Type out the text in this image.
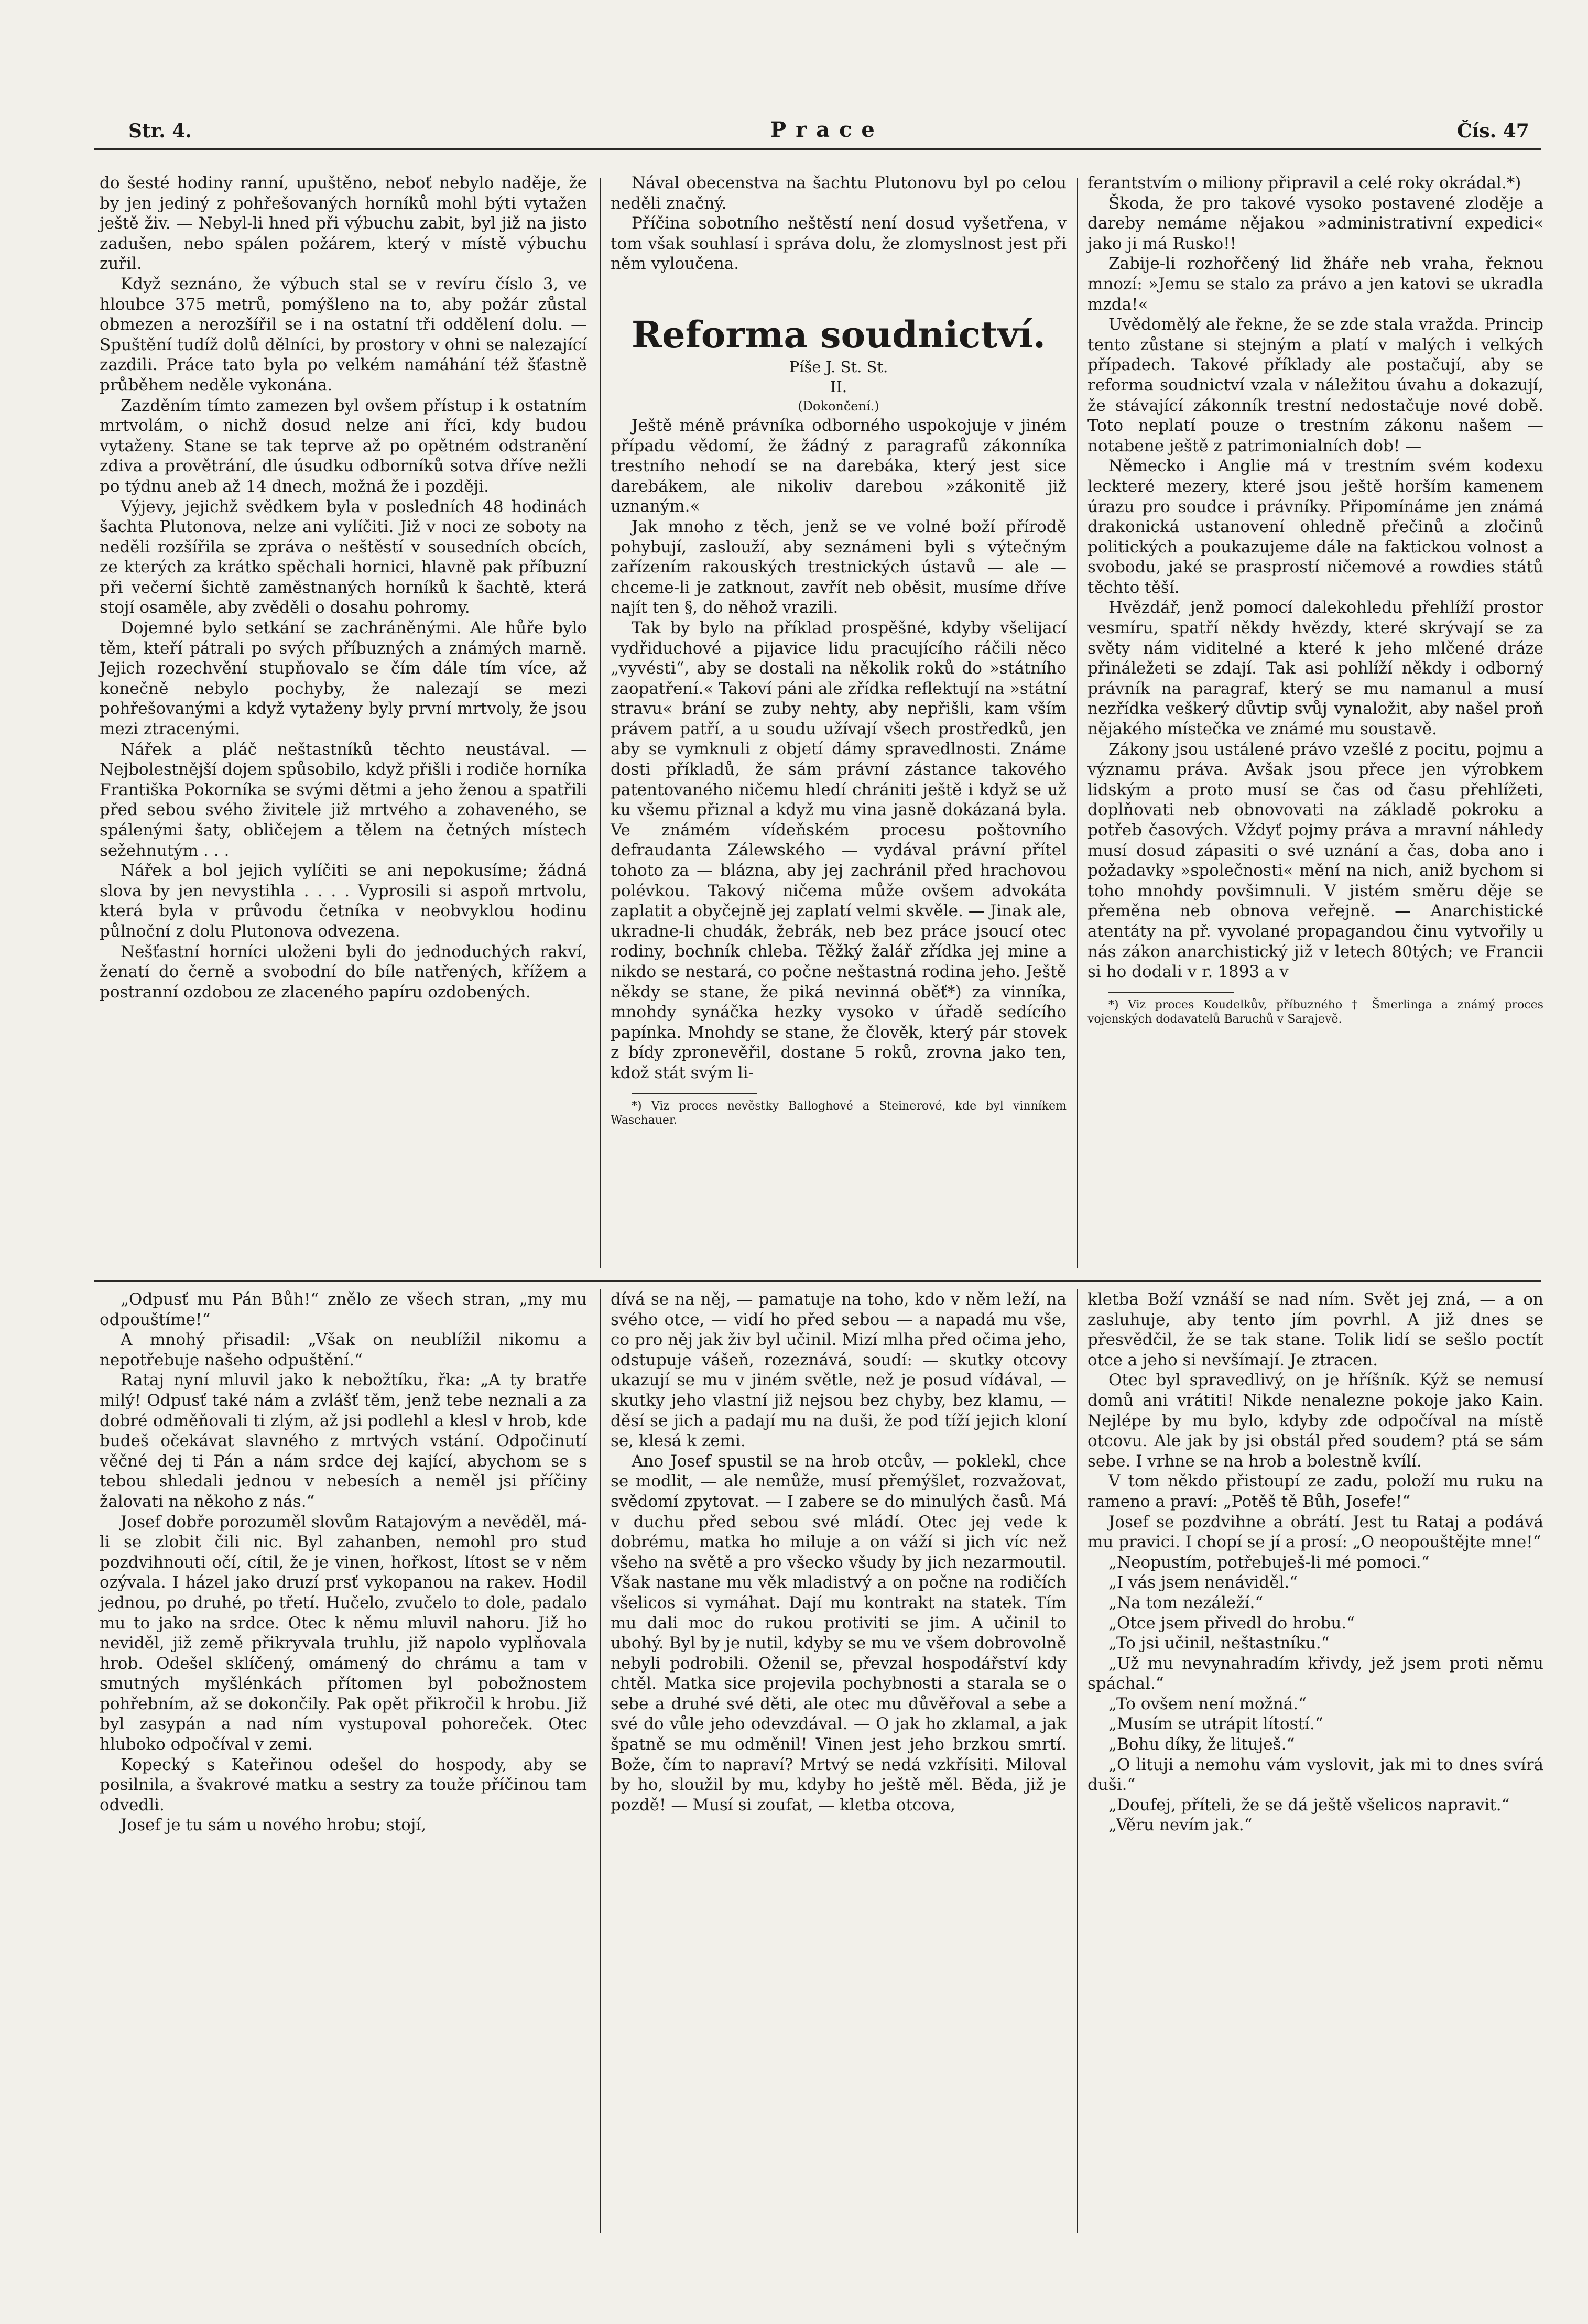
Str. 4.	Prace	Čís. 47

do šesté hodiny ranní, upuštěno, neboť nebylo naděje, že by jen jediný z pohřešovaných horníků mohl býti vytažen ještě živ. — Nebyl-li hned při výbuchu zabit, byl již na jisto zadušen, nebo spálen požárem, který v místě výbuchu zuřil.

Když seznáno, že výbuch stal se v revíru číslo 3, ve hloubce 375 metrů, pomýšleno na to, aby požár zůstal obmezen a nerozšířil se i na ostatní tři oddělení dolu. — Spuštění tudíž dolů dělníci, by prostory v ohni se nalezající zazdili. Práce tato byla po velkém namáhání též šťastně průběhem neděle vykonána.

Zazděním tímto zamezen byl ovšem přístup i k ostatním mrtvolám, o nichž dosud nelze ani říci, kdy budou vytaženy. Stane se tak teprve až po opětném odstranění zdiva a provětrání, dle úsudku odborníků sotva dříve nežli po týdnu aneb až 14 dnech, možná že i později.

Výjevy, jejichž svědkem byla v posledních 48 hodinách šachta Plutonova, nelze ani vylíčiti. Již v noci ze soboty na neděli rozšířila se zpráva o neštěstí v sousedních obcích, ze kterých za krátko spěchali hornici, hlavně pak příbuzní při večerní šichtě zaměstnaných horníků k šachtě, která stojí osaměle, aby zvěděli o dosahu pohromy.

Dojemné bylo setkání se zachráněnými. Ale hůře bylo těm, kteří pátrali po svých příbuzných a známých marně. Jejich rozechvění stupňovalo se čím dále tím více, až konečně nebylo pochyby, že nalezají se mezi pohřešovanými a když vytaženy byly první mrtvoly, že jsou mezi ztracenými.

Nářek a pláč neštastníků těchto neustával. — Nejbolestnější dojem spůsobilo, když přišli i rodiče horníka Františka Pokorníka se svými dětmi a jeho ženou a spatřili před sebou svého živitele již mrtvého a zohaveného, se spálenými šaty, obličejem a tělem na četných místech sežehnutým . . .

Nářek a bol jejich vylíčiti se ani nepokusíme; žádná slova by jen nevystihla . . . . Vyprosili si aspoň mrtvolu, která byla v průvodu četníka v neobvyklou hodinu půlnoční z dolu Plutonova odvezena.

Nešťastní horníci uloženi byli do jednoduchých rakví, ženatí do černě a svobodní do bíle natřených, křížem a postranní ozdobou ze zlaceného papíru ozdobených.

Nával obecenstva na šachtu Plutonovu byl po celou neděli značný.

Příčina sobotního neštěstí není dosud vyšetřena, v tom však souhlasí i správa dolu, že zlomyslnost jest při něm vyloučena.

Reforma soudnictví.
Píše J. St. St.
II.
(Dokončení.)

Ještě méně právníka odborného uspokojuje v jiném případu vědomí, že žádný z paragrafů zákonníka trestního nehodí se na darebáka, který jest sice darebákem, ale nikoliv darebou »zákonitě již uznaným.«

Jak mnoho z těch, jenž se ve volné boží přírodě pohybují, zaslouží, aby seznámeni byli s výtečným zařízením rakouských trestnických ústavů — ale — chceme-li je zatknout, zavřít neb oběsit, musíme dříve najít ten §, do něhož vrazili.

Tak by bylo na příklad prospěšné, kdyby všelijací vydřiduchové a pijavice lidu pracujícího ráčili něco „vyvésti“, aby se dostali na několik roků do »státního zaopatření.« Takoví páni ale zřídka reflektují na »státní stravu« brání se zuby nehty, aby nepřišli, kam vším právem patří, a u soudu užívají všech prostředků, jen aby se vymknuli z objetí dámy spravedlnosti. Známe dosti příkladů, že sám právní zástance takového patentovaného ničemu hledí chrániti ještě i když se už ku všemu přiznal a když mu vina jasně dokázaná byla. Ve známém vídeňském procesu poštovního defraudanta Zálewského — vydával právní přítel tohoto za — blázna, aby jej zachránil před hrachovou polévkou. Takový ničema může ovšem advokáta zaplatit a obyčejně jej zaplatí velmi skvěle. — Jinak ale, ukradne-li chudák, žebrák, neb bez práce jsoucí otec rodiny, bochník chleba. Těžký žalář zřídka jej mine a nikdo se nestará, co počne neštastná rodina jeho. Ještě někdy se stane, že piká nevinná oběť*) za vinníka, mnohdy synáčka hezky vysoko v úřadě sedícího papínka. Mnohdy se stane, že člověk, který pár stovek z bídy zpronevěřil, dostane 5 roků, zrovna jako ten, kdož stát svým li-

*) Viz proces nevěstky Balloghové a Steinerové, kde byl vinníkem Waschauer.

ferantstvím o miliony připravil a celé roky okrádal.*)

Škoda, že pro takové vysoko postavené zloděje a dareby nemáme nějakou »administrativní expedici« jako ji má Rusko!!

Zabije-li rozhořčený lid žháře neb vraha, řeknou mnozí: »Jemu se stalo za právo a jen katovi se ukradla mzda!«

Uvědomělý ale řekne, že se zde stala vražda. Princip tento zůstane si stejným a platí v malých i velkých případech. Takové příklady ale postačují, aby se reforma soudnictví vzala v náležitou úvahu a dokazují, že stávající zákonník trestní nedostačuje nové době. Toto neplatí pouze o trestním zákonu našem — notabene ještě z patrimonialních dob! —

Německo i Anglie má v trestním svém kodexu leckteré mezery, které jsou ještě horším kamenem úrazu pro soudce i právníky. Připomínáme jen známá drakonická ustanovení ohledně přečinů a zločinů politických a poukazujeme dále na faktickou volnost a svobodu, jaké se prasprostí ničemové a rowdies států těchto těší.

Hvězdář, jenž pomocí dalekohledu přehlíží prostor vesmíru, spatří někdy hvězdy, které skrývají se za světy nám viditelné a které k jeho mlčené dráze přináležeti se zdají. Tak asi pohlíží někdy i odborný právník na paragraf, který se mu namanul a musí nezřídka veškerý důvtip svůj vynaložit, aby našel proň nějakého místečka ve známé mu soustavě.

Zákony jsou ustálené právo vzešlé z pocitu, pojmu a významu práva. Avšak jsou přece jen výrobkem lidským a proto musí se čas od času přehlížeti, doplňovati neb obnovovati na základě pokroku a potřeb časových. Vždyť pojmy práva a mravní náhledy musí dosud zápasiti o své uznání a čas, doba ano i požadavky »společnosti« mění na nich, aniž bychom si toho mnohdy povšimnuli. V jistém směru děje se přeměna neb obnova veřejně. — Anarchistické atentáty na př. vyvolané propagandou činu vytvořily u nás zákon anarchistický již v letech 80tých; ve Francii si ho dodali v r. 1893 a v

*) Viz proces Koudelkův, příbuzného † Šmerlinga a známý proces vojenských dodavatelů Baruchů v Sarajevě.

„Odpusť mu Pán Bůh!“ znělo ze všech stran, „my mu odpouštíme!“

A mnohý přisadil: „Však on neublížil nikomu a nepotřebuje našeho odpuštění.“

Rataj nyní mluvil jako k nebožtíku, řka: „A ty bratře milý! Odpusť také nám a zvlášť těm, jenž tebe neznali a za dobré odměňovali ti zlým, až jsi podlehl a klesl v hrob, kde budeš očekávat slavného z mrtvých vstání. Odpočinutí věčné dej ti Pán a nám srdce dej kající, abychom se s tebou shledali jednou v nebesích a neměl jsi příčiny žalovati na někoho z nás.“

Josef dobře porozuměl slovům Ratajovým a nevěděl, má-li se zlobit čili nic. Byl zahanben, nemohl pro stud pozdvihnouti očí, cítil, že je vinen, hořkost, lítost se v něm ozývala. I házel jako druzí prsť vykopanou na rakev. Hodil jednou, po druhé, po třetí. Hučelo, zvučelo to dole, padalo mu to jako na srdce. Otec k němu mluvil nahoru. Již ho neviděl, již země přikryvala truhlu, již napolo vyplňovala hrob. Odešel sklíčený, omámený do chrámu a tam v smutných myšlénkách přítomen byl pobožnostem pohřebním, až se dokončily. Pak opět přikročil k hrobu. Již byl zasypán a nad ním vystupoval pohoreček. Otec hluboko odpočíval v zemi.

Kopecký s Kateřinou odešel do hospody, aby se posilnila, a švakrové matku a sestry za touže příčinou tam odvedli.

Josef je tu sám u nového hrobu; stojí,

dívá se na něj, — pamatuje na toho, kdo v něm leží, na svého otce, — vidí ho před sebou — a napadá mu vše, co pro něj jak živ byl učinil. Mizí mlha před očima jeho, odstupuje vášeň, rozeznává, soudí: — skutky otcovy ukazují se mu v jiném světle, než je posud vídával, — skutky jeho vlastní již nejsou bez chyby, bez klamu, — děsí se jich a padají mu na duši, že pod tíží jejich kloní se, klesá k zemi.

Ano Josef spustil se na hrob otcův, — poklekl, chce se modlit, — ale nemůže, musí přemýšlet, rozvažovat, svědomí zpytovat. — I zabere se do minulých časů. Má v duchu před sebou své mládí. Otec jej vede k dobrému, matka ho miluje a on váží si jich víc než všeho na světě a pro všecko všudy by jich nezarmoutil. Však nastane mu věk mladistvý a on počne na rodičích všelicos si vymáhat. Dají mu kontrakt na statek. Tím mu dali moc do rukou protiviti se jim. A učinil to ubohý. Byl by je nutil, kdyby se mu ve všem dobrovolně nebyli podrobili. Oženil se, převzal hospodářství kdy chtěl. Matka sice projevila pochybnosti a starala se o sebe a druhé své děti, ale otec mu důvěřoval a sebe a své do vůle jeho odevzdával. — O jak ho zklamal, a jak špatně se mu odměnil! Vinen jest jeho brzkou smrtí. Bože, čím to napraví? Mrtvý se nedá vzkřísiti. Miloval by ho, sloužil by mu, kdyby ho ještě měl. Běda, již je pozdě! — Musí si zoufat, — kletba otcova,

kletba Boží vznáší se nad ním. Svět jej zná, — a on zasluhuje, aby tento jím povrhl. A již dnes se přesvědčil, že se tak stane. Tolik lidí se sešlo poctít otce a jeho si nevšímají. Je ztracen.

Otec byl spravedlivý, on je hříšník. Kýž se nemusí domů ani vrátiti! Nikde nenalezne pokoje jako Kain. Nejlépe by mu bylo, kdyby zde odpočíval na místě otcovu. Ale jak by jsi obstál před soudem? ptá se sám sebe. I vrhne se na hrob a bolestně kvílí.

V tom někdo přistoupí ze zadu, položí mu ruku na rameno a praví: „Potěš tě Bůh, Josefe!“

Josef se pozdvihne a obrátí. Jest tu Rataj a podává mu pravici. I chopí se jí a prosí: „O neopouštějte mne!“

„Neopustím, potřebuješ-li mé pomoci.“

„I vás jsem nenáviděl.“

„Na tom nezáleží.“

„Otce jsem přivedl do hrobu.“

„To jsi učinil, neštastníku.“

„Už mu nevynahradím křivdy, jež jsem proti němu spáchal.“

„To ovšem není možná.“

„Musím se utrápit lítostí.“

„Bohu díky, že lituješ.“

„O lituji a nemohu vám vyslovit, jak mi to dnes svírá duši.“

„Doufej, příteli, že se dá ještě všelicos napravit.“

„Věru nevím jak.“
